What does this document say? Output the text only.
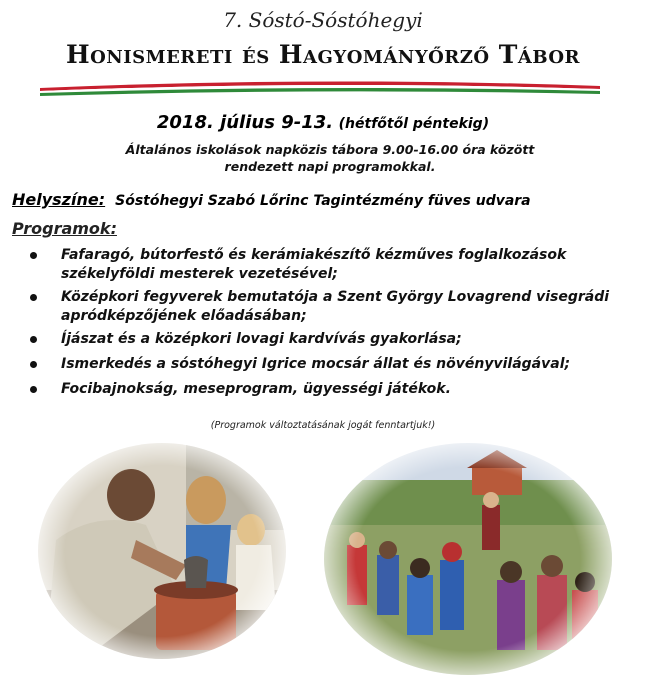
7. Sóstó-Sóstóhegyi
Honismereti és Hagyományőrző Tábor
2018. július 9-13. (hétfőtől péntekig)
Általános iskolások napközis tábora 9.00-16.00 óra között rendezett napi programokkal.
Helyszíne: Sóstóhegyi Szabó Lőrinc Tagintézmény füves udvara
Programok:
Fafaragó, bútorfestő és kerámiakészítő kézműves foglalkozások székelyföldi mesterek vezetésével;
Középkori fegyverek bemutatója a Szent György Lovagrend visegrádi apródképzőjének előadásában;
Íjászat és a középkori lovagi kardvívás gyakorlása;
Ismerkedés a sóstóhegyi Igrice mocsár állat és növényvilágával;
Focibajnokság, meseprogram, ügyességi játékok.
(Programok változtatásának jogát fenntartjuk!)
